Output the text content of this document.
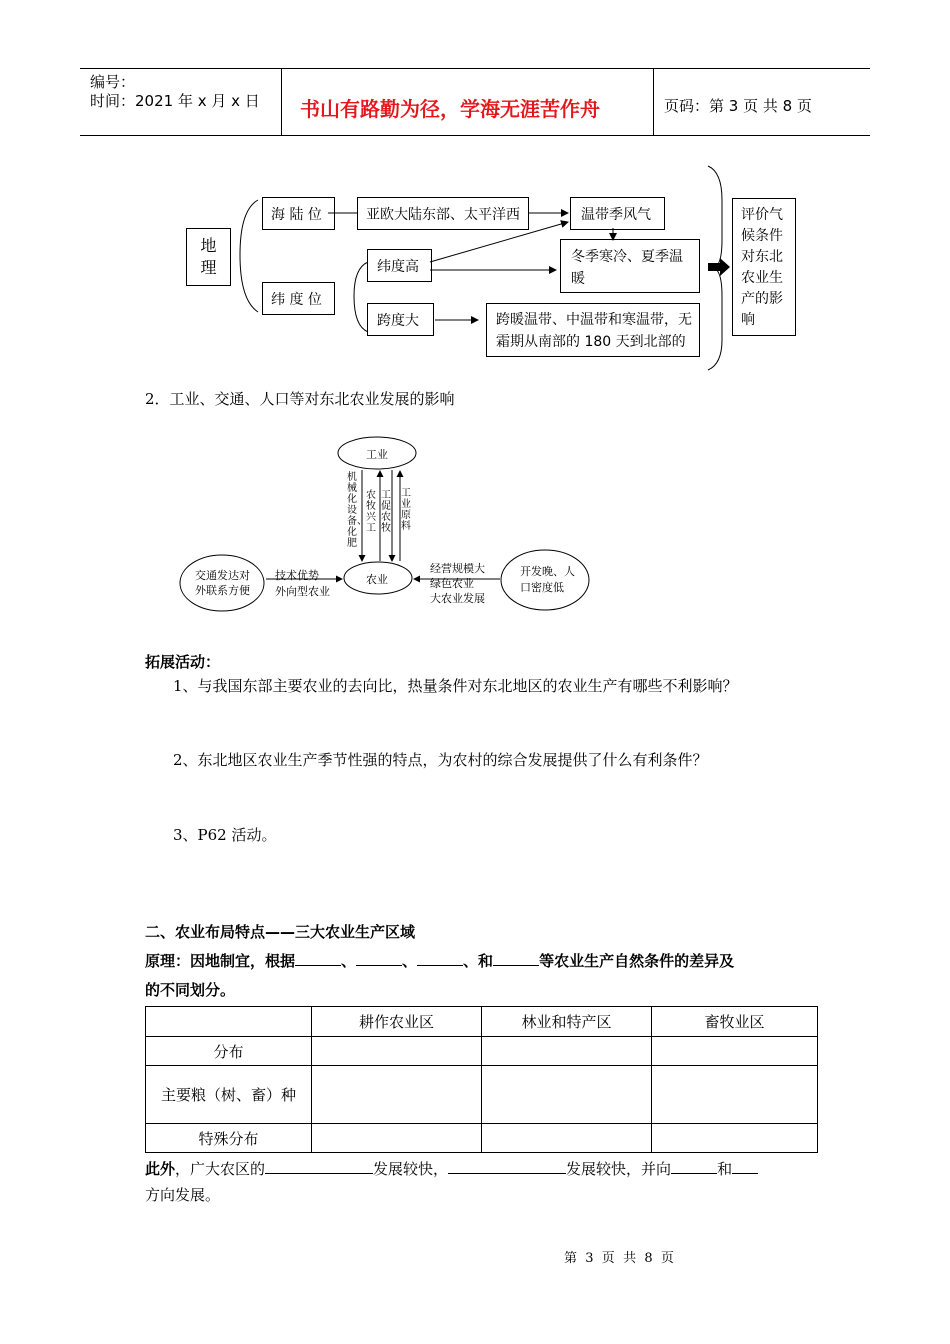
编号：
时间：2021 年 x 月 x 日 书山有路勤为径，学海无涯苦作舟	页码：第 3 页 共 8 页
地理
海 陆 位
纬 度 位
亚欧大陆东部、太平洋西	温带季风气
纬度高
冬季寒冷、夏季温暖
跨度大	跨暖温带、中温带和寒温带，无霜期从南部的 180 天到北部的
评价气候条件对东北农业生产的影响
2．工业、交通、人口等对东北农业发展的影响
工业
农业
交通发达对外联系方便
开发晚、人口密度低
机械化设备、化肥
农牧兴工
工促农牧
工业原料
技术优势
外向型农业
经营规模大
绿色农业
大农业发展
拓展活动：
1、与我国东部主要农业的去向比，热量条件对东北地区的农业生产有哪些不利影响？
2、东北地区农业生产季节性强的特点，为农村的综合发展提供了什么有利条件？
3、P62 活动。
二、农业布局特点——三大农业生产区域
原理：因地制宜，根据	、	、	、和	等农业生产自然条件的差异及
的不同划分。
	耕作农业区	林业和特产区	畜牧业区
分布			
主要粮（树、畜）种			
特殊分布			
此外，广大农区的	发展较快，	发展较快，并向	和
方向发展。
第  3  页  共  8  页
